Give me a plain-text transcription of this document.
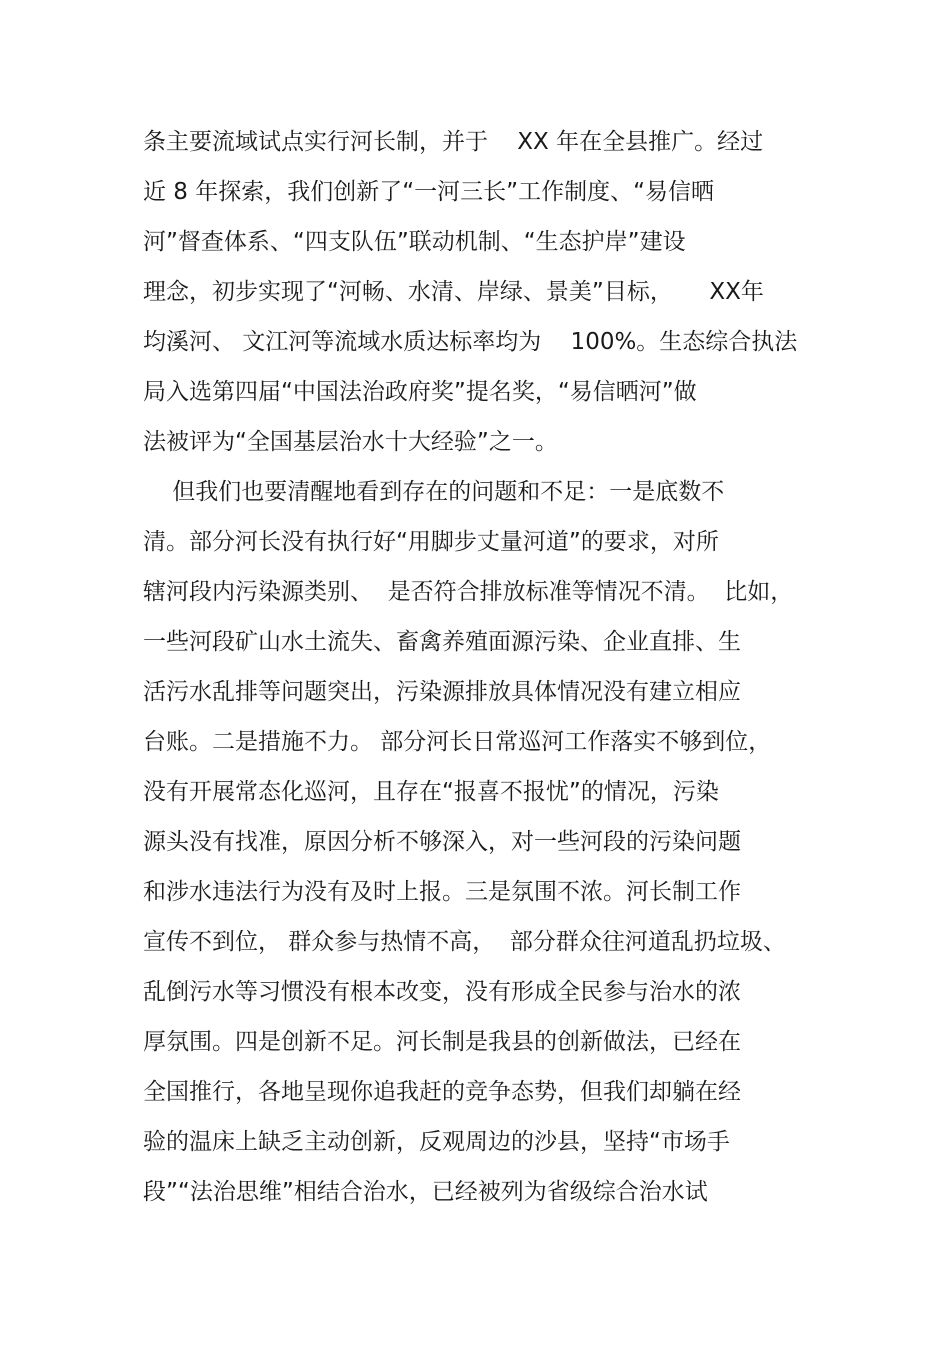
条主要流域试点实行河长制，并于    XX 年在全县推广。经过
近 8 年探索，我们创新了“一河三长”工作制度、“易信晒
河”督查体系、“四支队伍”联动机制、“生态护岸”建设
理念，初步实现了“河畅、水清、岸绿、景美”目标，     XX年
均溪河、 文江河等流域水质达标率均为    100%。生态综合执法
局入选第四届“中国法治政府奖”提名奖，“易信晒河”做
法被评为“全国基层治水十大经验”之一。
但我们也要清醒地看到存在的问题和不足：一是底数不
清。部分河长没有执行好“用脚步丈量河道”的要求，对所
辖河段内污染源类别、  是否符合排放标准等情况不清。  比如，
一些河段矿山水土流失、畜禽养殖面源污染、企业直排、生
活污水乱排等问题突出，污染源排放具体情况没有建立相应
台账。二是措施不力。 部分河长日常巡河工作落实不够到位，
没有开展常态化巡河，且存在“报喜不报忧”的情况，污染
源头没有找准，原因分析不够深入，对一些河段的污染问题
和涉水违法行为没有及时上报。三是氛围不浓。河长制工作
宣传不到位， 群众参与热情不高，  部分群众往河道乱扔垃圾、
乱倒污水等习惯没有根本改变，没有形成全民参与治水的浓
厚氛围。四是创新不足。河长制是我县的创新做法，已经在
全国推行，各地呈现你追我赶的竞争态势，但我们却躺在经
验的温床上缺乏主动创新，反观周边的沙县，坚持“市场手
段”“法治思维”相结合治水，已经被列为省级综合治水试
